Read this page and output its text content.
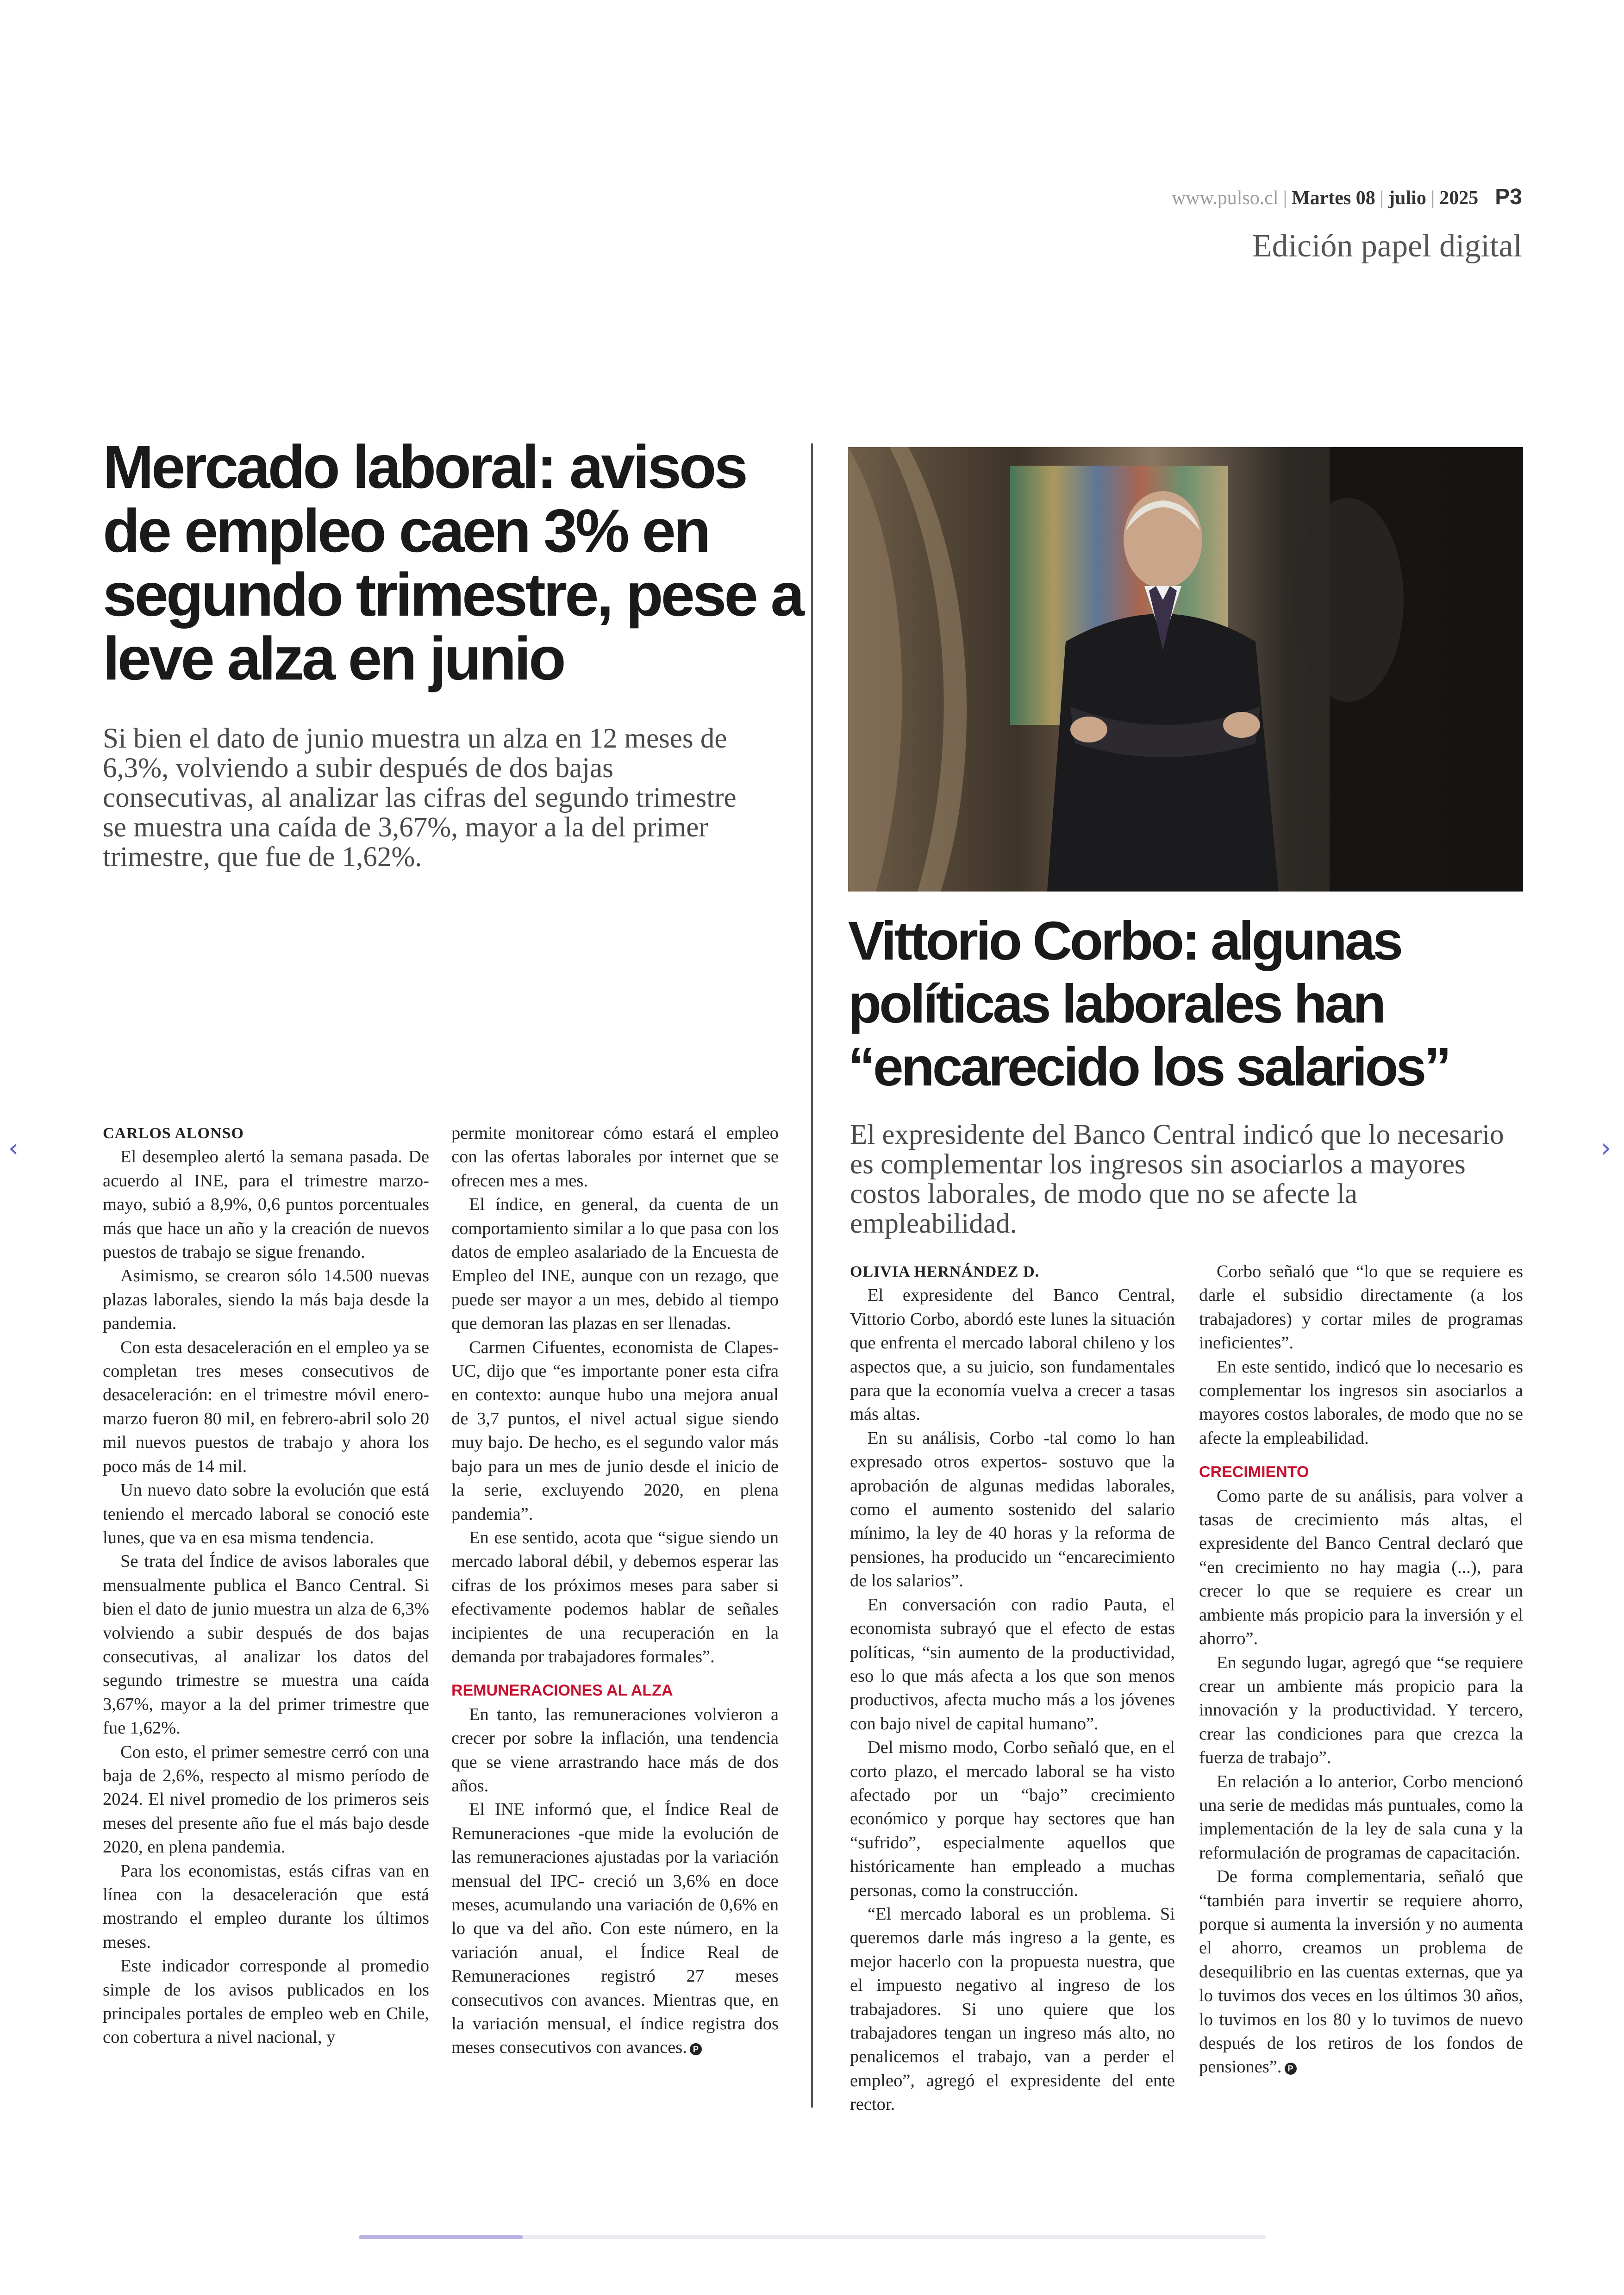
www.pulso.cl | Martes 08 | julio | 2025 P3
Edición papel digital
Mercado laboral: avisos de empleo caen 3% en segundo trimestre, pese a leve alza en junio

Si bien el dato de junio muestra un alza en 12 meses de 6,3%, volviendo a subir después de dos bajas consecutivas, al analizar las cifras del segundo trimestre se muestra una caída de 3,67%, mayor a la del primer trimestre, que fue de 1,62%.

Vittorio Corbo: algunas políticas laborales han “encarecido los salarios”

El expresidente del Banco Central indicó que lo necesario es complementar los ingresos sin asociarlos a mayores costos laborales, de modo que no se afecte la empleabilidad.

CARLOS ALONSO

El desempleo alertó la semana pasada. De acuerdo al INE, para el trimestre marzo-mayo, subió a 8,9%, 0,6 puntos porcentuales más que hace un año y la creación de nuevos puestos de trabajo se sigue frenando.

Asimismo, se crearon sólo 14.500 nuevas plazas laborales, siendo la más baja desde la pandemia.

Con esta desaceleración en el empleo ya se completan tres meses consecutivos de desaceleración: en el trimestre móvil enero-marzo fueron 80 mil, en febrero-abril solo 20 mil nuevos puestos de trabajo y ahora los poco más de 14 mil.

Un nuevo dato sobre la evolución que está teniendo el mercado laboral se conoció este lunes, que va en esa misma tendencia.

Se trata del Índice de avisos laborales que mensualmente publica el Banco Central. Si bien el dato de junio muestra un alza de 6,3% volviendo a subir después de dos bajas consecutivas, al analizar los datos del segundo trimestre se muestra una caída 3,67%, mayor a la del primer trimestre que fue 1,62%.

Con esto, el primer semestre cerró con una baja de 2,6%, respecto al mismo período de 2024. El nivel promedio de los primeros seis meses del presente año fue el más bajo desde 2020, en plena pandemia.

Para los economistas, estás cifras van en línea con la desaceleración que está mostrando el empleo durante los últimos meses.

Este indicador corresponde al promedio simple de los avisos publicados en los principales portales de empleo web en Chile, con cobertura a nivel nacional, y

permite monitorear cómo estará el empleo con las ofertas laborales por internet que se ofrecen mes a mes.

El índice, en general, da cuenta de un comportamiento similar a lo que pasa con los datos de empleo asalariado de la Encuesta de Empleo del INE, aunque con un rezago, que puede ser mayor a un mes, debido al tiempo que demoran las plazas en ser llenadas.

Carmen Cifuentes, economista de Clapes-UC, dijo que “es importante poner esta cifra en contexto: aunque hubo una mejora anual de 3,7 puntos, el nivel actual sigue siendo muy bajo. De hecho, es el segundo valor más bajo para un mes de junio desde el inicio de la serie, excluyendo 2020, en plena pandemia”.

En ese sentido, acota que “sigue siendo un mercado laboral débil, y debemos esperar las cifras de los próximos meses para saber si efectivamente podemos hablar de señales incipientes de una recuperación en la demanda por trabajadores formales”.

REMUNERACIONES AL ALZA

En tanto, las remuneraciones volvieron a crecer por sobre la inflación, una tendencia que se viene arrastrando hace más de dos años.

El INE informó que, el Índice Real de Remuneraciones -que mide la evolución de las remuneraciones ajustadas por la variación mensual del IPC- creció un 3,6% en doce meses, acumulando una variación de 0,6% en lo que va del año. Con este número, en la variación anual, el Índice Real de Remuneraciones registró 27 meses consecutivos con avances. Mientras que, en la variación mensual, el índice registra dos meses consecutivos con avances. P

OLIVIA HERNÁNDEZ D.

El expresidente del Banco Central, Vittorio Corbo, abordó este lunes la situación que enfrenta el mercado laboral chileno y los aspectos que, a su juicio, son fundamentales para que la economía vuelva a crecer a tasas más altas.

En su análisis, Corbo -tal como lo han expresado otros expertos- sostuvo que la aprobación de algunas medidas laborales, como el aumento sostenido del salario mínimo, la ley de 40 horas y la reforma de pensiones, ha producido un “encarecimiento de los salarios”.

En conversación con radio Pauta, el economista subrayó que el efecto de estas políticas, “sin aumento de la productividad, eso lo que más afecta a los que son menos productivos, afecta mucho más a los jóvenes con bajo nivel de capital humano”.

Del mismo modo, Corbo señaló que, en el corto plazo, el mercado laboral se ha visto afectado por un “bajo” crecimiento económico y porque hay sectores que han “sufrido”, especialmente aquellos que históricamente han empleado a muchas personas, como la construcción.

“El mercado laboral es un problema. Si queremos darle más ingreso a la gente, es mejor hacerlo con la propuesta nuestra, que el impuesto negativo al ingreso de los trabajadores. Si uno quiere que los trabajadores tengan un ingreso más alto, no penalicemos el trabajo, van a perder el empleo”, agregó el expresidente del ente rector.

Corbo señaló que “lo que se requiere es darle el subsidio directamente (a los trabajadores) y cortar miles de programas ineficientes”.

En este sentido, indicó que lo necesario es complementar los ingresos sin asociarlos a mayores costos laborales, de modo que no se afecte la empleabilidad.

CRECIMIENTO

Como parte de su análisis, para volver a tasas de crecimiento más altas, el expresidente del Banco Central declaró que “en crecimiento no hay magia (...), para crecer lo que se requiere es crear un ambiente más propicio para la inversión y el ahorro”.

En segundo lugar, agregó que “se requiere crear un ambiente más propicio para la innovación y la productividad. Y tercero, crear las condiciones para que crezca la fuerza de trabajo”.

En relación a lo anterior, Corbo mencionó una serie de medidas más puntuales, como la implementación de la ley de sala cuna y la reformulación de programas de capacitación.

De forma complementaria, señaló que “también para invertir se requiere ahorro, porque si aumenta la inversión y no aumenta el ahorro, creamos un problema de desequilibrio en las cuentas externas, que ya lo tuvimos dos veces en los últimos 30 años, lo tuvimos en los 80 y lo tuvimos de nuevo después de los retiros de los fondos de pensiones”. P

‹	›
